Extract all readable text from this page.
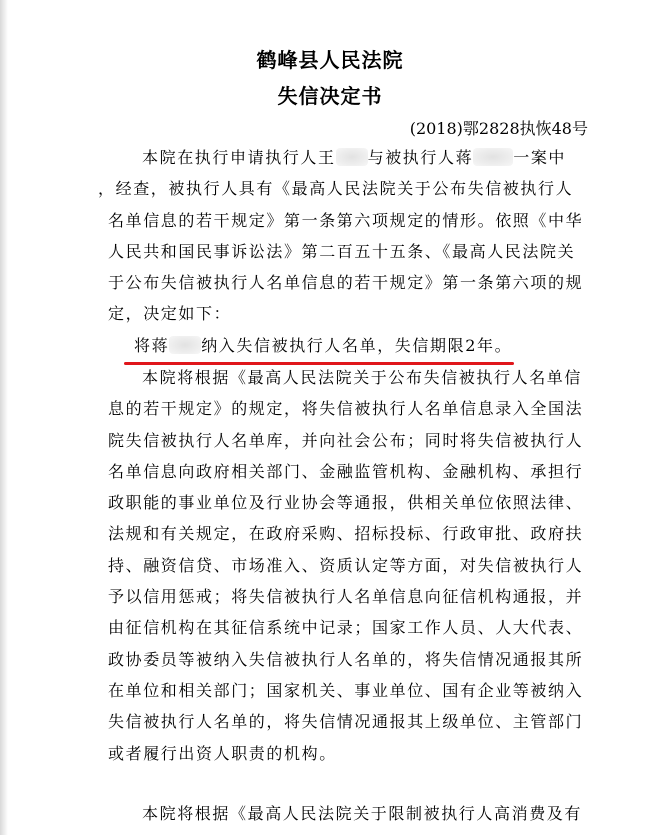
鹤峰县人民法院
失信决定书
(2018)鄂2828执恢48号
本院在执行申请执行人王 与被执行人蒋	一案中
，经查，被执行人具有《最高人民法院关于公布失信被执行人
名单信息的若干规定》第一条第六项规定的情形。依照《中华
人民共和国民事诉讼法》第二百五十五条、《最高人民法院关
于公布失信被执行人名单信息的若干规定》第一条第六项的规
定，决定如下：
将蒋 纳入失信被执行人名单，失信期限2年。
本院将根据《最高人民法院关于公布失信被执行人名单信
息的若干规定》的规定，将失信被执行人名单信息录入全国法
院失信被执行人名单库，并向社会公布；同时将失信被执行人
名单信息向政府相关部门、金融监管机构、金融机构、承担行
政职能的事业单位及行业协会等通报，供相关单位依照法律、
法规和有关规定，在政府采购、招标投标、行政审批、政府扶
持、融资信贷、市场准入、资质认定等方面，对失信被执行人
予以信用惩戒；将失信被执行人名单信息向征信机构通报，并
由征信机构在其征信系统中记录；国家工作人员、人大代表、
政协委员等被纳入失信被执行人名单的，将失信情况通报其所
在单位和相关部门；国家机关、事业单位、国有企业等被纳入
失信被执行人名单的，将失信情况通报其上级单位、主管部门
或者履行出资人职责的机构。
本院将根据《最高人民法院关于限制被执行人高消费及有
